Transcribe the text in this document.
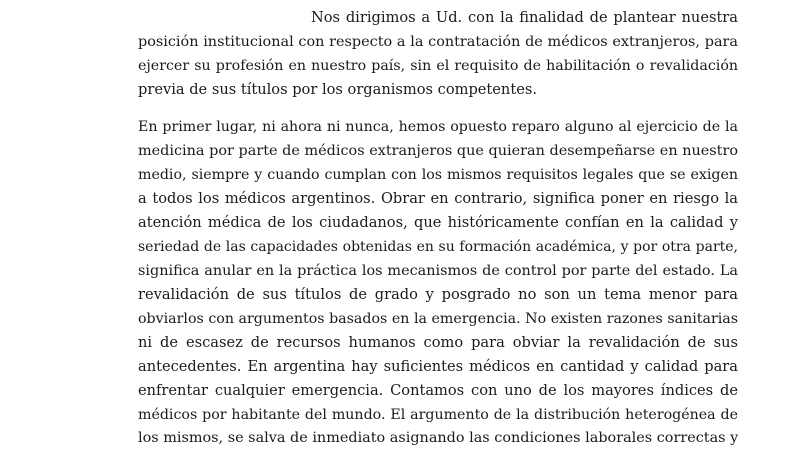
Nos dirigimos a Ud. con la finalidad de plantear nuestra
posición institucional con respecto a la contratación de médicos extranjeros, para
ejercer su profesión en nuestro país, sin el requisito de habilitación o revalidación
previa de sus títulos por los organismos competentes.
En primer lugar, ni ahora ni nunca, hemos opuesto reparo alguno al ejercicio de la
medicina por parte de médicos extranjeros que quieran desempeñarse en nuestro
medio, siempre y cuando cumplan con los mismos requisitos legales que se exigen
a todos los médicos argentinos. Obrar en contrario, significa poner en riesgo la
atención médica de los ciudadanos, que históricamente confían en la calidad y
seriedad de las capacidades obtenidas en su formación académica, y por otra parte,
significa anular en la práctica los mecanismos de control por parte del estado. La
revalidación de sus títulos de grado y posgrado no son un tema menor para
obviarlos con argumentos basados en la emergencia. No existen razones sanitarias
ni de escasez de recursos humanos como para obviar la revalidación de sus
antecedentes. En argentina hay suficientes médicos en cantidad y calidad para
enfrentar cualquier emergencia. Contamos con uno de los mayores índices de
médicos por habitante del mundo. El argumento de la distribución heterogénea de
los mismos, se salva de inmediato asignando las condiciones laborales correctas y
